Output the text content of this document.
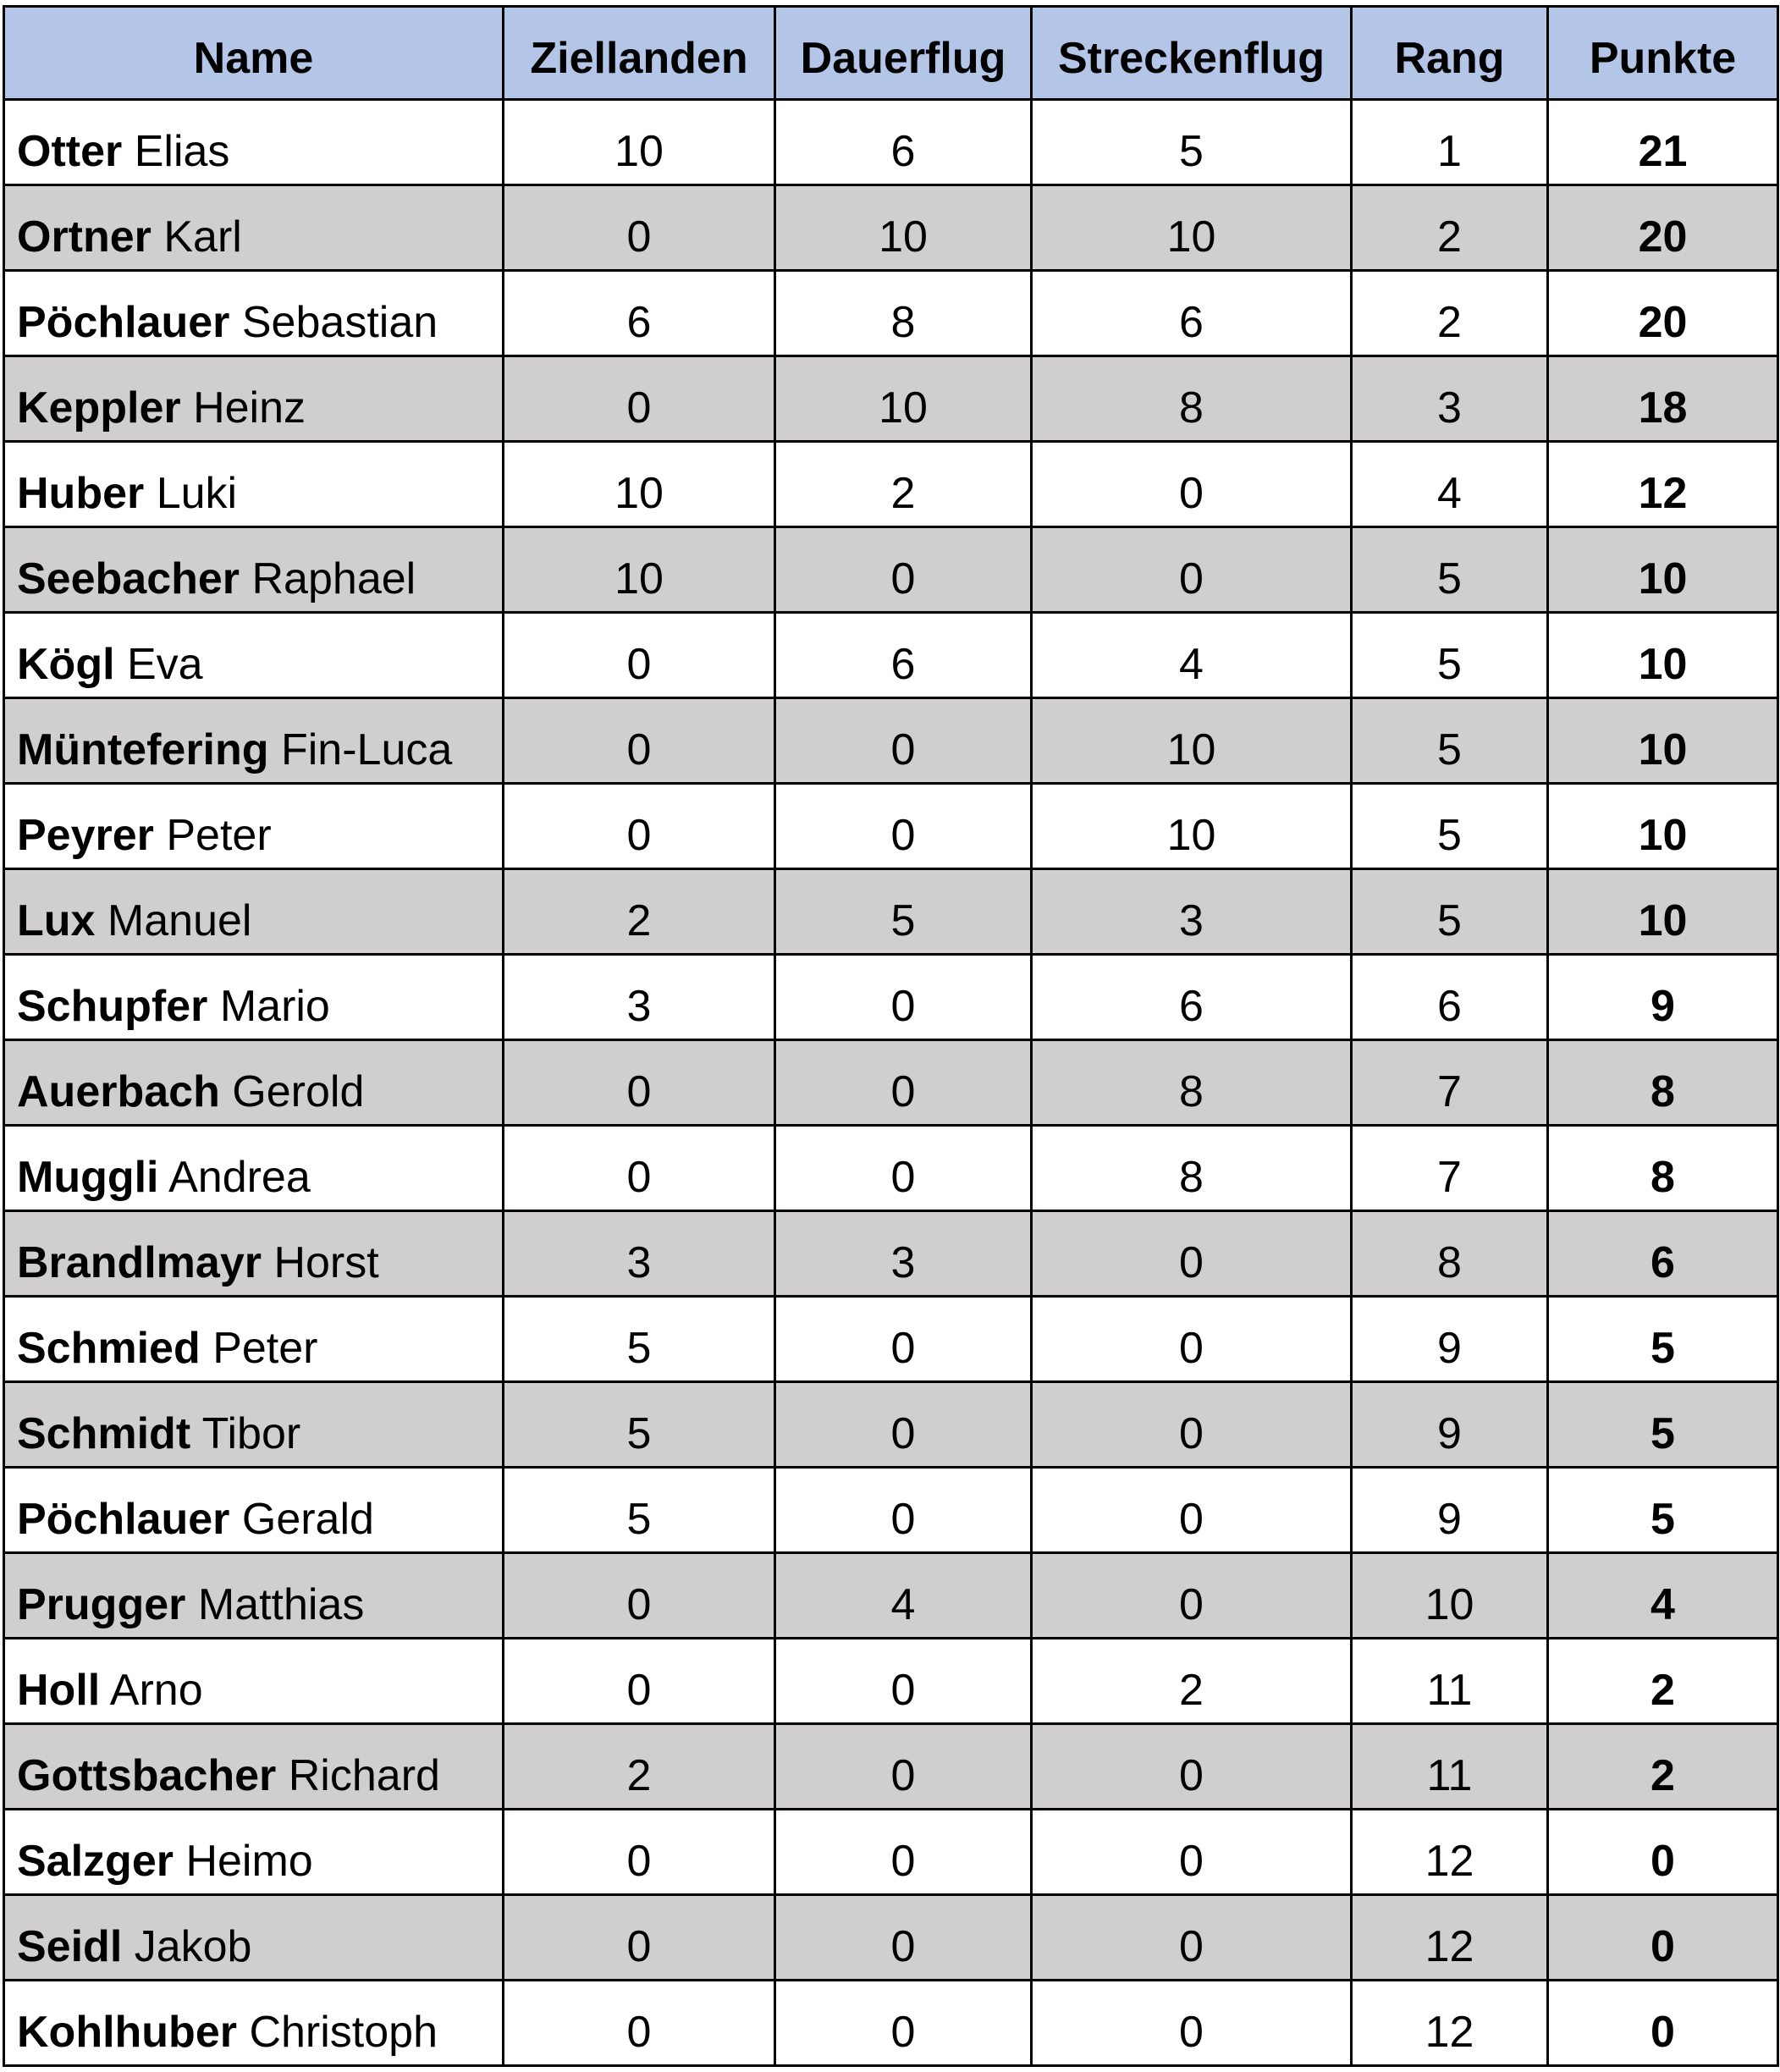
Name	Ziellanden	Dauerflug	Streckenflug	Rang	Punkte
Otter Elias	10	6	5	1	21
Ortner Karl	0	10	10	2	20
Pöchlauer Sebastian	6	8	6	2	20
Keppler Heinz	0	10	8	3	18
Huber Luki	10	2	0	4	12
Seebacher Raphael	10	0	0	5	10
Kögl Eva	0	6	4	5	10
Müntefering Fin-Luca	0	0	10	5	10
Peyrer Peter	0	0	10	5	10
Lux Manuel	2	5	3	5	10
Schupfer Mario	3	0	6	6	9
Auerbach Gerold	0	0	8	7	8
Muggli Andrea	0	0	8	7	8
Brandlmayr Horst	3	3	0	8	6
Schmied Peter	5	0	0	9	5
Schmidt Tibor	5	0	0	9	5
Pöchlauer Gerald	5	0	0	9	5
Prugger Matthias	0	4	0	10	4
Holl Arno	0	0	2	11	2
Gottsbacher Richard	2	0	0	11	2
Salzger Heimo	0	0	0	12	0
Seidl Jakob	0	0	0	12	0
Kohlhuber Christoph	0	0	0	12	0
